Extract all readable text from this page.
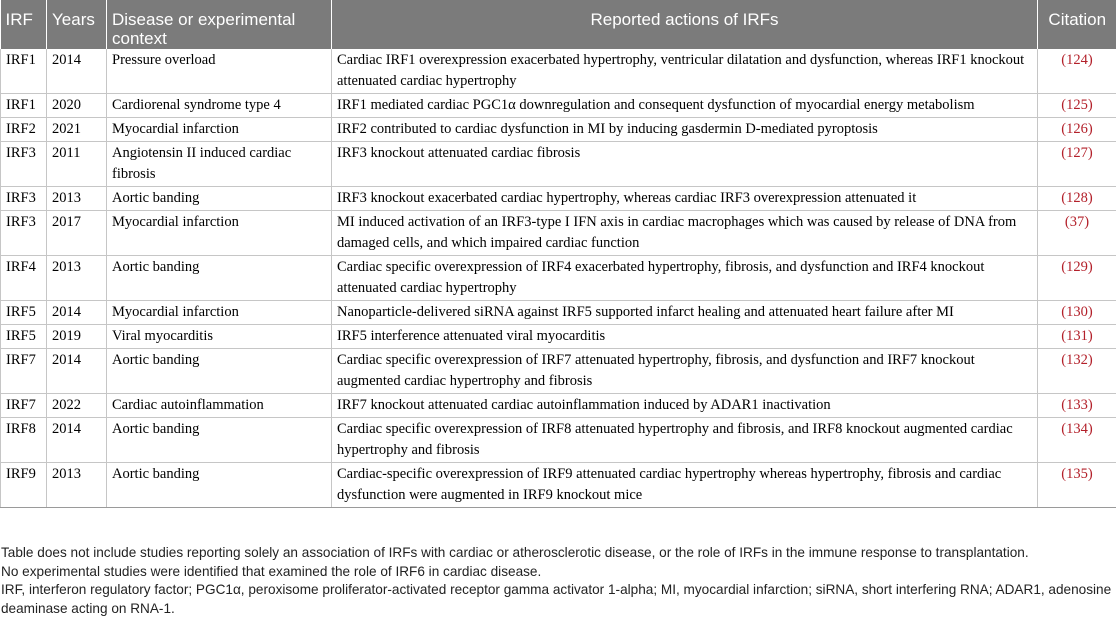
IRF	Years	Disease or experimental context	Reported actions of IRFs	Citation
IRF1	2014	Pressure overload	Cardiac IRF1 overexpression exacerbated hypertrophy, ventricular dilatation and dysfunction, whereas IRF1 knockout attenuated cardiac hypertrophy	(124)
IRF1	2020	Cardiorenal syndrome type 4	IRF1 mediated cardiac PGC1α downregulation and consequent dysfunction of myocardial energy metabolism	(125)
IRF2	2021	Myocardial infarction	IRF2 contributed to cardiac dysfunction in MI by inducing gasdermin D-mediated pyroptosis	(126)
IRF3	2011	Angiotensin II induced cardiac fibrosis	IRF3 knockout attenuated cardiac fibrosis	(127)
IRF3	2013	Aortic banding	IRF3 knockout exacerbated cardiac hypertrophy, whereas cardiac IRF3 overexpression attenuated it	(128)
IRF3	2017	Myocardial infarction	MI induced activation of an IRF3-type I IFN axis in cardiac macrophages which was caused by release of DNA from damaged cells, and which impaired cardiac function	(37)
IRF4	2013	Aortic banding	Cardiac specific overexpression of IRF4 exacerbated hypertrophy, fibrosis, and dysfunction and IRF4 knockout attenuated cardiac hypertrophy	(129)
IRF5	2014	Myocardial infarction	Nanoparticle-delivered siRNA against IRF5 supported infarct healing and attenuated heart failure after MI	(130)
IRF5	2019	Viral myocarditis	IRF5 interference attenuated viral myocarditis	(131)
IRF7	2014	Aortic banding	Cardiac specific overexpression of IRF7 attenuated hypertrophy, fibrosis, and dysfunction and IRF7 knockout augmented cardiac hypertrophy and fibrosis	(132)
IRF7	2022	Cardiac autoinflammation	IRF7 knockout attenuated cardiac autoinflammation induced by ADAR1 inactivation	(133)
IRF8	2014	Aortic banding	Cardiac specific overexpression of IRF8 attenuated hypertrophy and fibrosis, and IRF8 knockout augmented cardiac hypertrophy and fibrosis	(134)
IRF9	2013	Aortic banding	Cardiac-specific overexpression of IRF9 attenuated cardiac hypertrophy whereas hypertrophy, fibrosis and cardiac dysfunction were augmented in IRF9 knockout mice	(135)

Table does not include studies reporting solely an association of IRFs with cardiac or atherosclerotic disease, or the role of IRFs in the immune response to transplantation.

No experimental studies were identified that examined the role of IRF6 in cardiac disease.

IRF, interferon regulatory factor; PGC1α, peroxisome proliferator-activated receptor gamma activator 1-alpha; MI, myocardial infarction; siRNA, short interfering RNA; ADAR1, adenosine deaminase acting on RNA-1.
